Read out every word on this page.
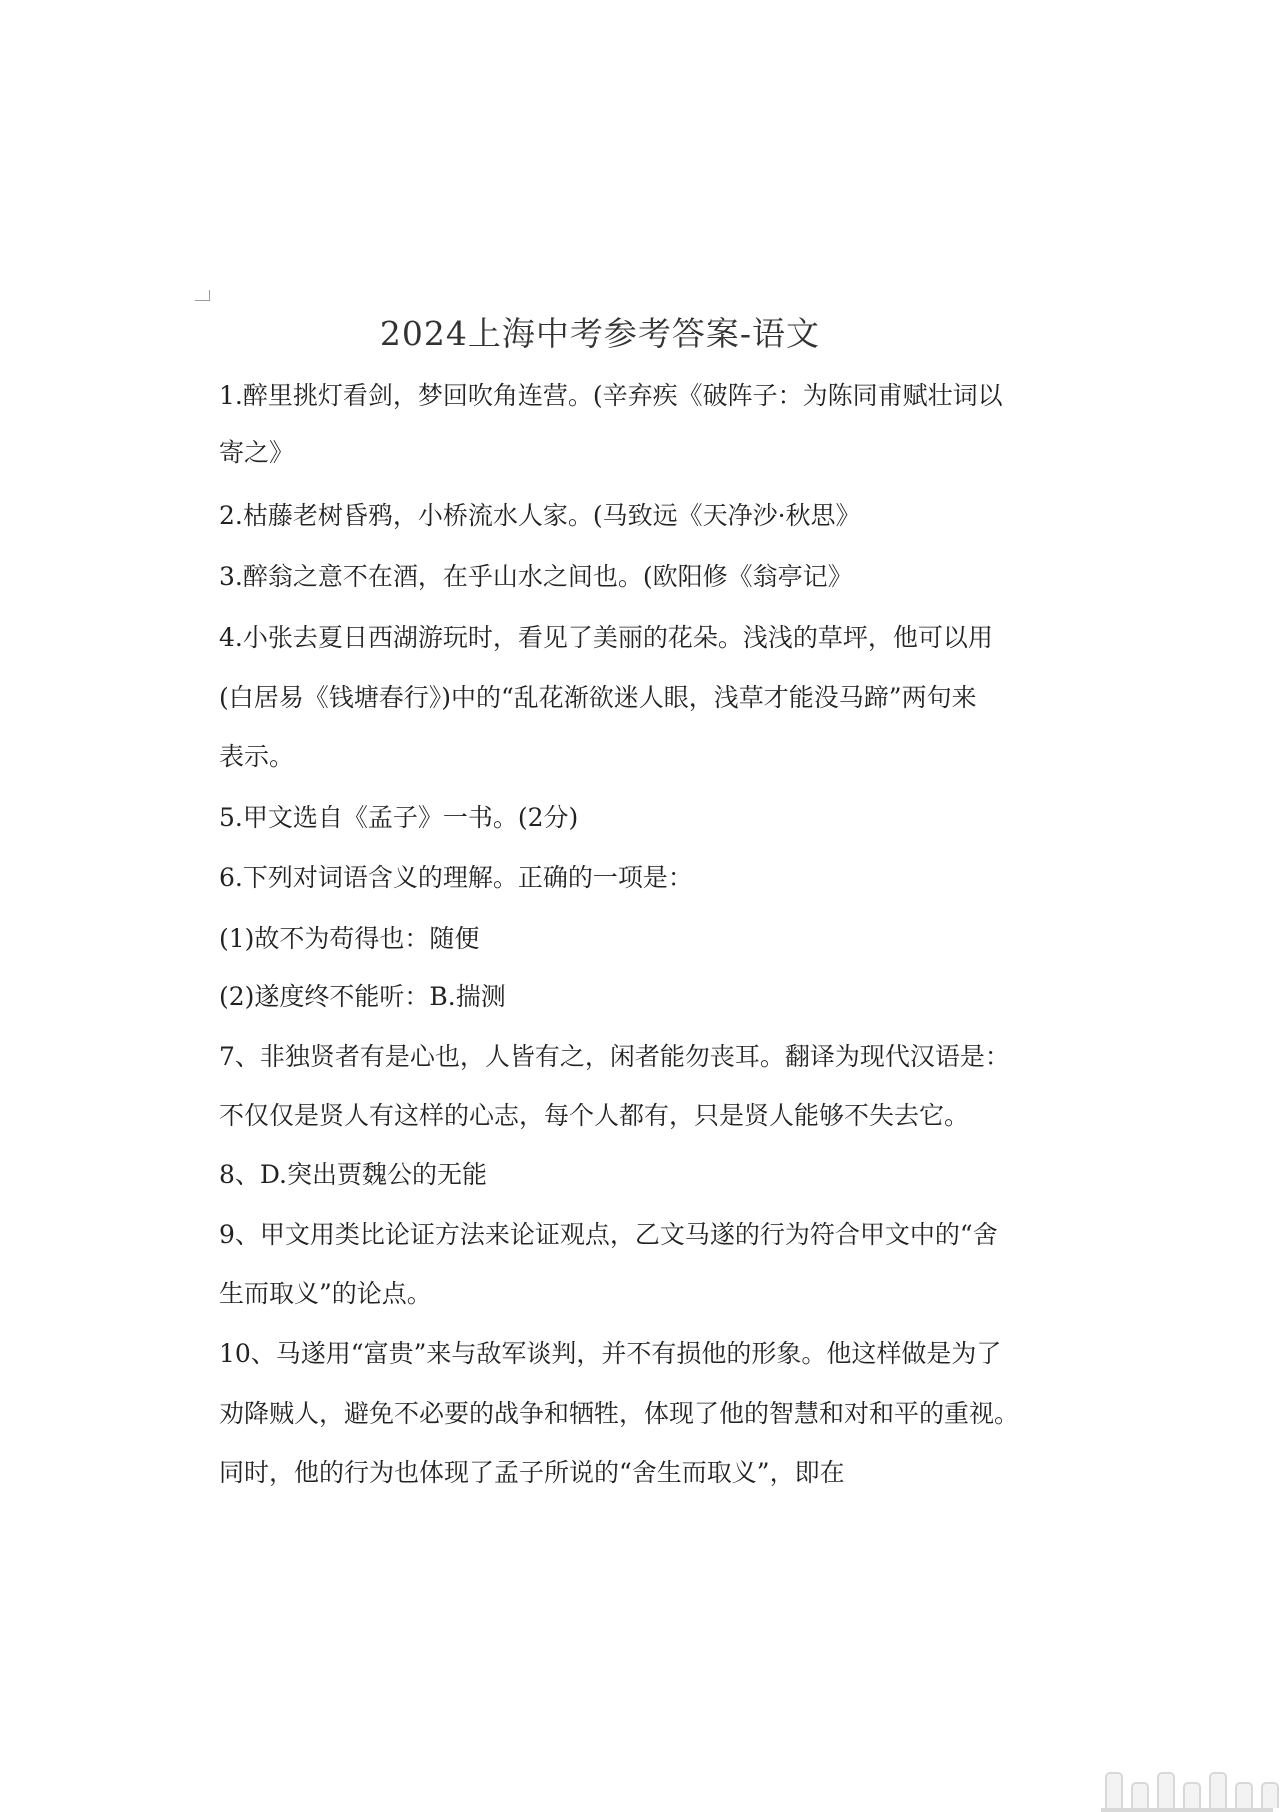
2024上海中考参考答案-语文
1.醉里挑灯看剑，梦回吹角连营。(辛弃疾《破阵子：为陈同甫赋壮词以
寄之》
2.枯藤老树昏鸦，小桥流水人家。(马致远《天净沙·秋思》
3.醉翁之意不在酒，在乎山水之间也。(欧阳修《翁亭记》
4.小张去夏日西湖游玩时，看见了美丽的花朵。浅浅的草坪，他可以用
(白居易《钱塘春行》)中的“乱花渐欲迷人眼，浅草才能没马蹄”两句来
表示。
5.甲文选自《孟子》一书。(2分)
6.下列对词语含义的理解。正确的一项是：
(1)故不为苟得也：随便
(2)遂度终不能听：B.揣测
7、非独贤者有是心也，人皆有之，闲者能勿丧耳。翻译为现代汉语是：
不仅仅是贤人有这样的心志，每个人都有，只是贤人能够不失去它。
8、D.突出贾魏公的无能
9、甲文用类比论证方法来论证观点，乙文马遂的行为符合甲文中的“舍
生而取义”的论点。
10、马遂用“富贵”来与敌军谈判，并不有损他的形象。他这样做是为了
劝降贼人，避免不必要的战争和牺牲，体现了他的智慧和对和平的重视。
同时，他的行为也体现了孟子所说的“舍生而取义”，即在
